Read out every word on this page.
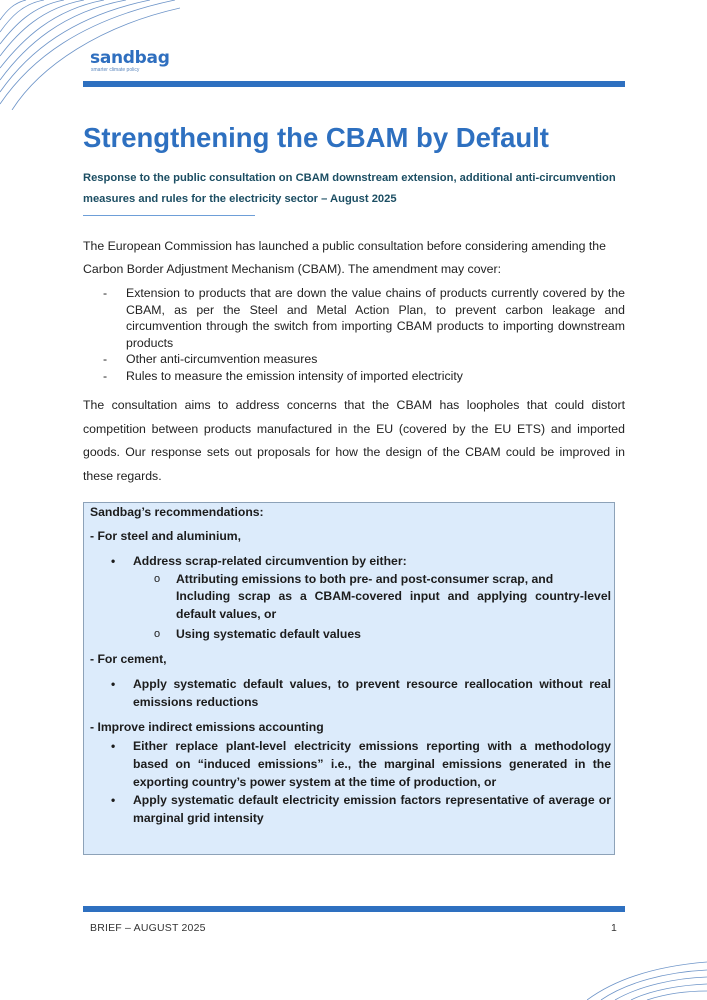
sandbag
smarter climate policy
Strengthening the CBAM by Default

Response to the public consultation on CBAM downstream extension, additional anti-circumvention measures and rules for the electricity sector – August 2025

The European Commission has launched a public consultation before considering amending the Carbon Border Adjustment Mechanism (CBAM). The amendment may cover:

- Extension to products that are down the value chains of products currently covered by the CBAM, as per the Steel and Metal Action Plan, to prevent carbon leakage and circumvention through the switch from importing CBAM products to importing downstream products
- Other anti-circumvention measures
- Rules to measure the emission intensity of imported electricity

The consultation aims to address concerns that the CBAM has loopholes that could distort competition between products manufactured in the EU (covered by the EU ETS) and imported goods. Our response sets out proposals for how the design of the CBAM could be improved in these regards.

Sandbag’s recommendations:
- For steel and aluminium,
• Address scrap-related circumvention by either:
o Attributing emissions to both pre- and post-consumer scrap, and
Including scrap as a CBAM-covered input and applying country-level default values, or
o Using systematic default values
- For cement,
• Apply systematic default values, to prevent resource reallocation without real emissions reductions
- Improve indirect emissions accounting
• Either replace plant-level electricity emissions reporting with a methodology based on “induced emissions” i.e., the marginal emissions generated in the exporting country’s power system at the time of production, or
• Apply systematic default electricity emission factors representative of average or marginal grid intensity
BRIEF – AUGUST 2025	1
